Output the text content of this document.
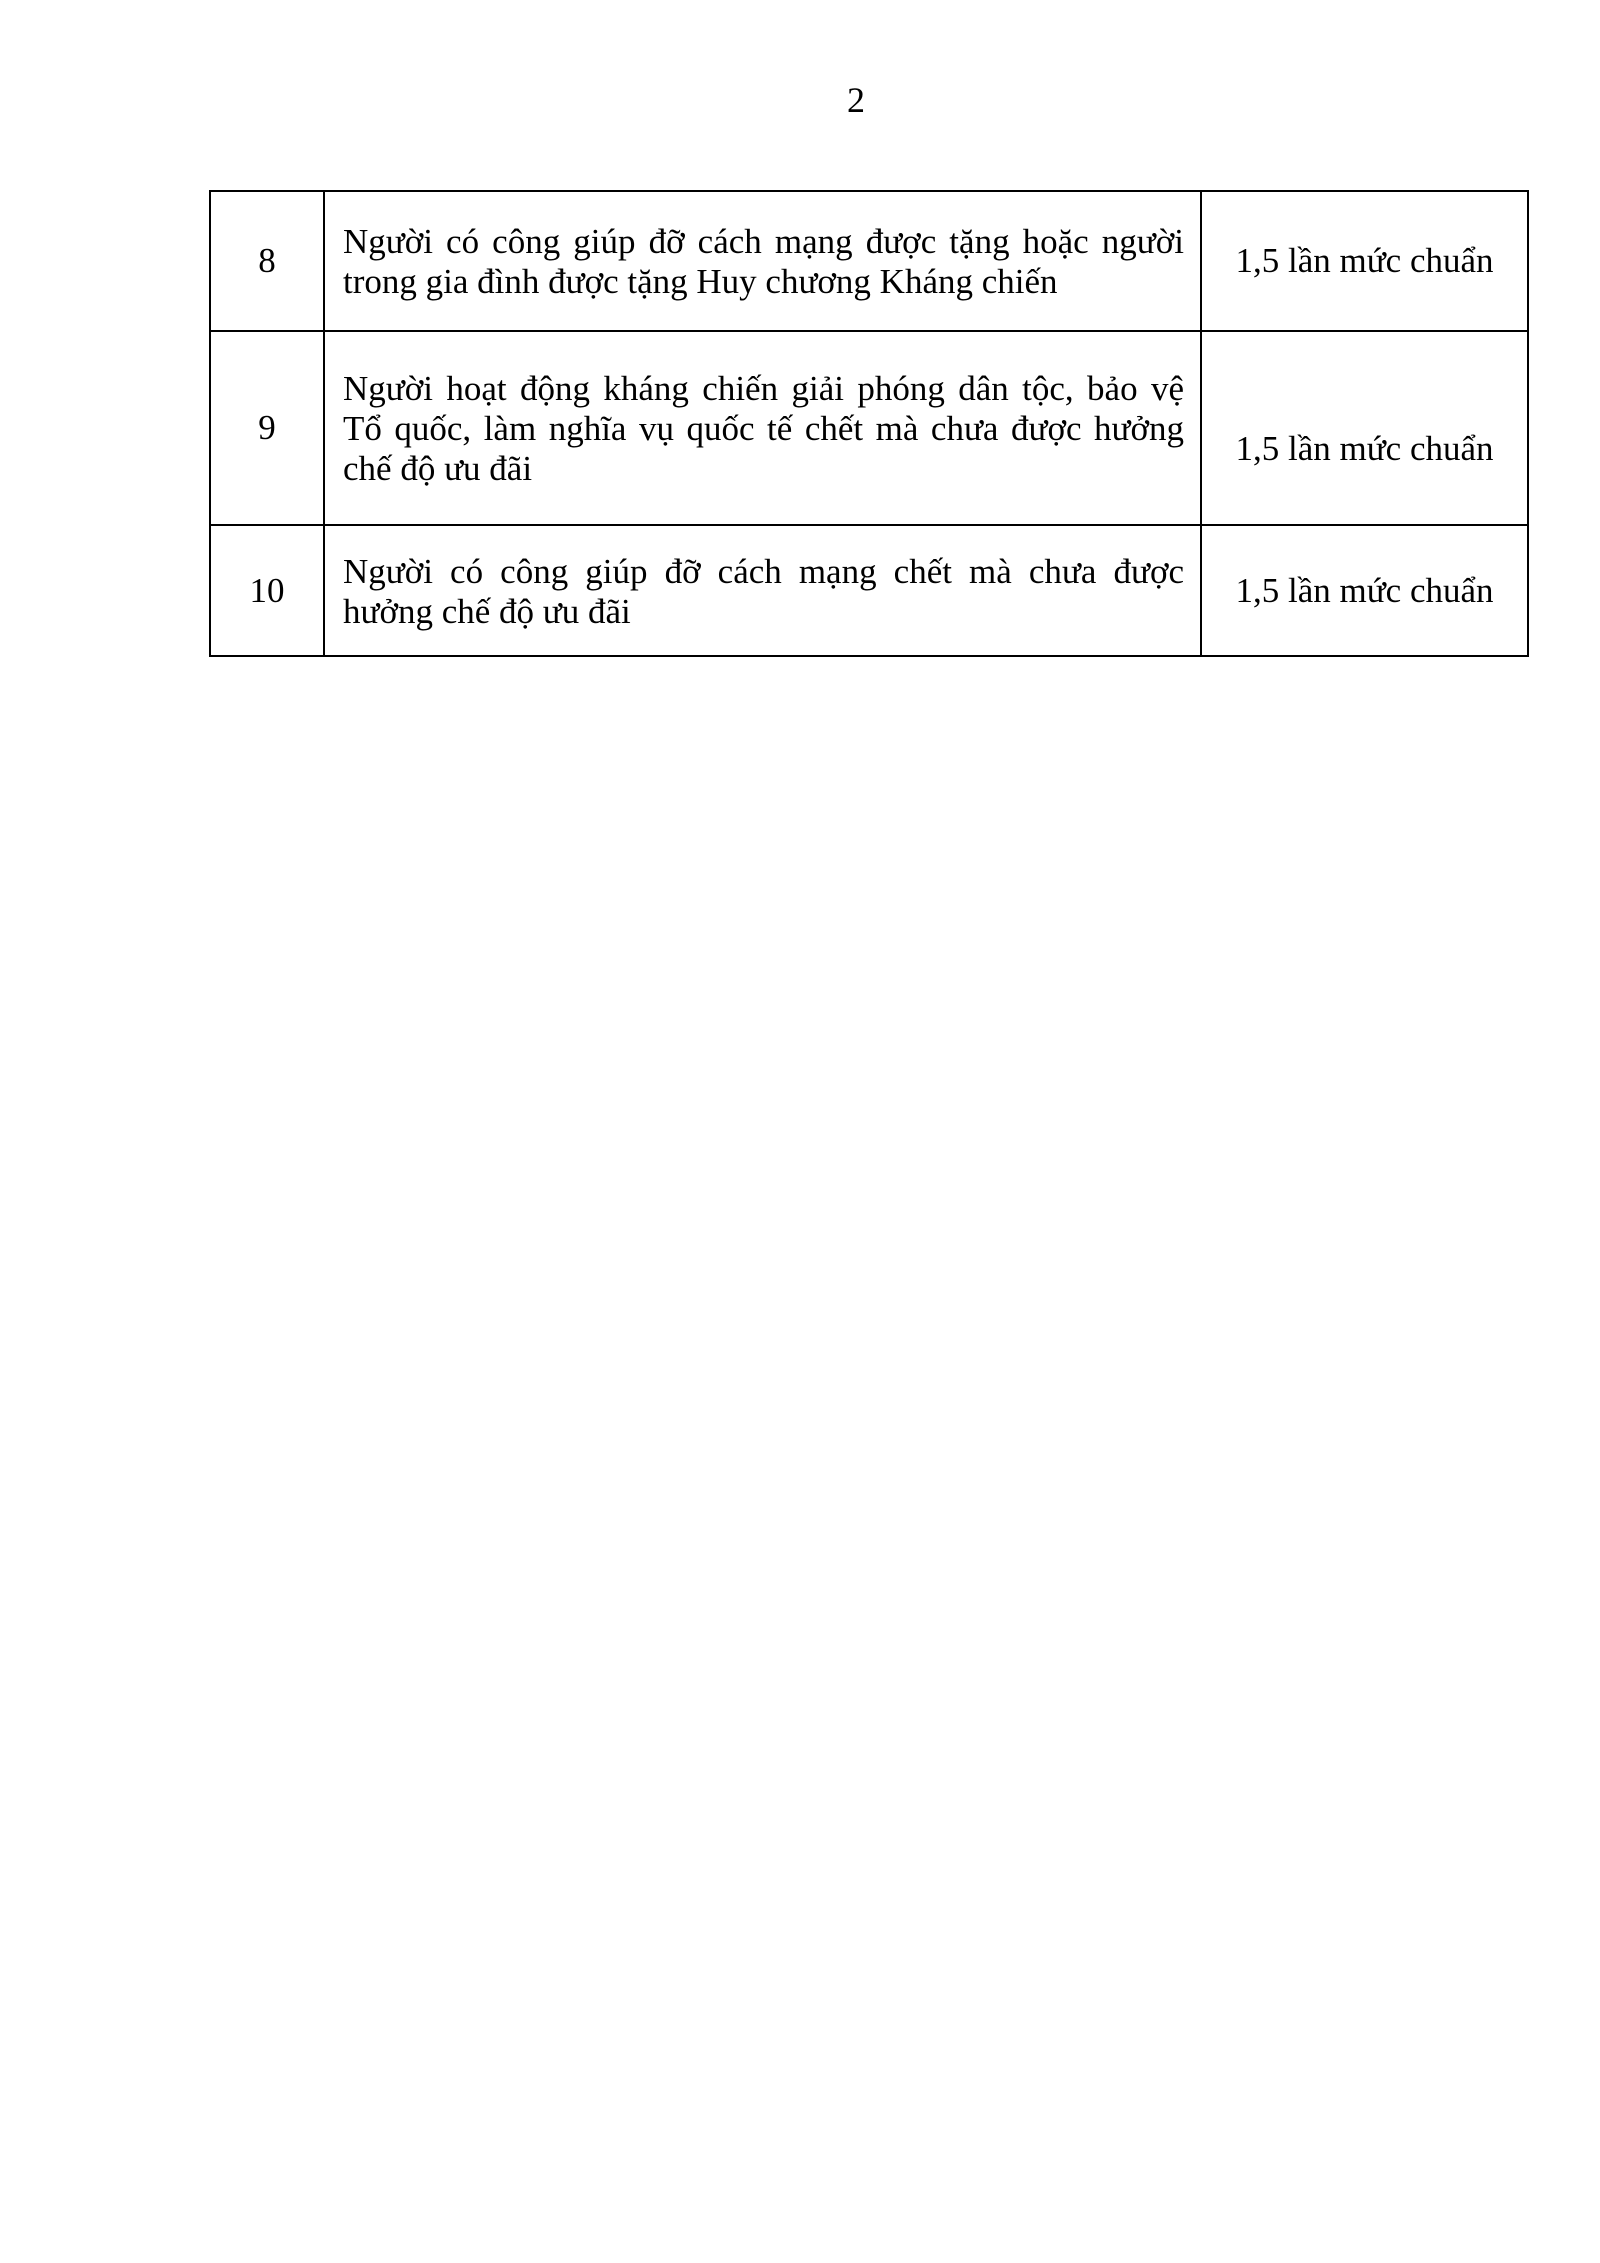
2
8	Người có công giúp đỡ cách mạng được tặng hoặc người trong gia đình được tặng Huy chương Kháng chiến	1,5 lần mức chuẩn
9	Người hoạt động kháng chiến giải phóng dân tộc, bảo vệ Tổ quốc, làm nghĩa vụ quốc tế chết mà chưa được hưởng chế độ ưu đãi	1,5 lần mức chuẩn
10	Người có công giúp đỡ cách mạng chết mà chưa được hưởng chế độ ưu đãi	1,5 lần mức chuẩn
